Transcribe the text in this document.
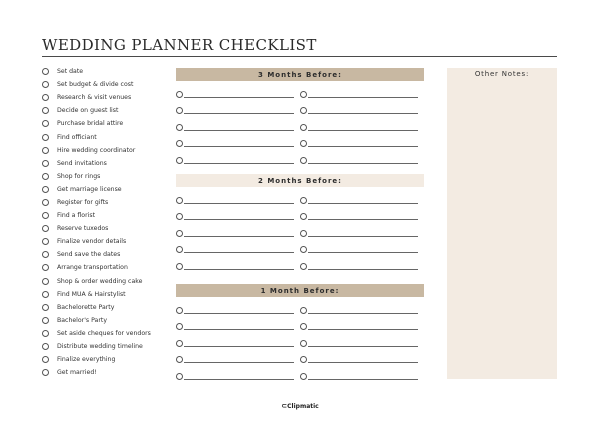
WEDDING PLANNER CHECKLIST
Set date
Set budget & divide cost
Research & visit venues
Decide on guest list
Purchase bridal attire
Find officiant
Hire wedding coordinator
Send invitations
Shop for rings
Get marriage license
Register for gifts
Find a florist
Reserve tuxedos
Finalize vendor details
Send save the dates
Arrange transportation
Shop & order wedding cake
Find MUA & Hairstylist
Bachelorette Party
Bachelor's Party
Set aside cheques for vendors
Distribute wedding timeline
Finalize everything
Get married!
3 Months Before:
2 Months Before:
1 Month Before:
Other Notes:
⊂Clipmatic
